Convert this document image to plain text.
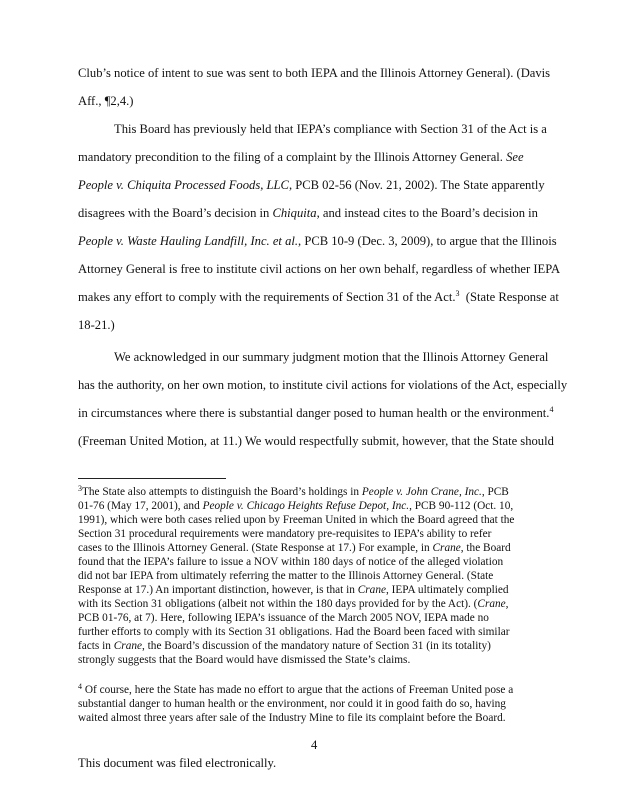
Club’s notice of intent to sue was sent to both IEPA and the Illinois Attorney General). (Davis
Aff., ¶2,4.)
This Board has previously held that IEPA’s compliance with Section 31 of the Act is a
mandatory precondition to the filing of a complaint by the Illinois Attorney General. See
People v. Chiquita Processed Foods, LLC, PCB 02-56 (Nov. 21, 2002). The State apparently
disagrees with the Board’s decision in Chiquita, and instead cites to the Board’s decision in
People v. Waste Hauling Landfill, Inc. et al., PCB 10-9 (Dec. 3, 2009), to argue that the Illinois
Attorney General is free to institute civil actions on her own behalf, regardless of whether IEPA
makes any effort to comply with the requirements of Section 31 of the Act.$^3$ (State Response at
18-21.)
We acknowledged in our summary judgment motion that the Illinois Attorney General
has the authority, on her own motion, to institute civil actions for violations of the Act, especially
in circumstances where there is substantial danger posed to human health or the environment.$^4$
(Freeman United Motion, at 11.) We would respectfully submit, however, that the State should
$^3$The State also attempts to distinguish the Board’s holdings in People v. John Crane, Inc., PCB
01-76 (May 17, 2001), and People v. Chicago Heights Refuse Depot, Inc., PCB 90-112 (Oct. 10,
1991), which were both cases relied upon by Freeman United in which the Board agreed that the
Section 31 procedural requirements were mandatory pre-requisites to IEPA’s ability to refer
cases to the Illinois Attorney General. (State Response at 17.) For example, in Crane, the Board
found that the IEPA’s failure to issue a NOV within 180 days of notice of the alleged violation
did not bar IEPA from ultimately referring the matter to the Illinois Attorney General. (State
Response at 17.) An important distinction, however, is that in Crane, IEPA ultimately complied
with its Section 31 obligations (albeit not within the 180 days provided for by the Act). (Crane,
PCB 01-76, at 7). Here, following IEPA’s issuance of the March 2005 NOV, IEPA made no
further efforts to comply with its Section 31 obligations. Had the Board been faced with similar
facts in Crane, the Board’s discussion of the mandatory nature of Section 31 (in its totality)
strongly suggests that the Board would have dismissed the State’s claims.
$^4$ Of course, here the State has made no effort to argue that the actions of Freeman United pose a
substantial danger to human health or the environment, nor could it in good faith do so, having
waited almost three years after sale of the Industry Mine to file its complaint before the Board.
4
This document was filed electronically.
